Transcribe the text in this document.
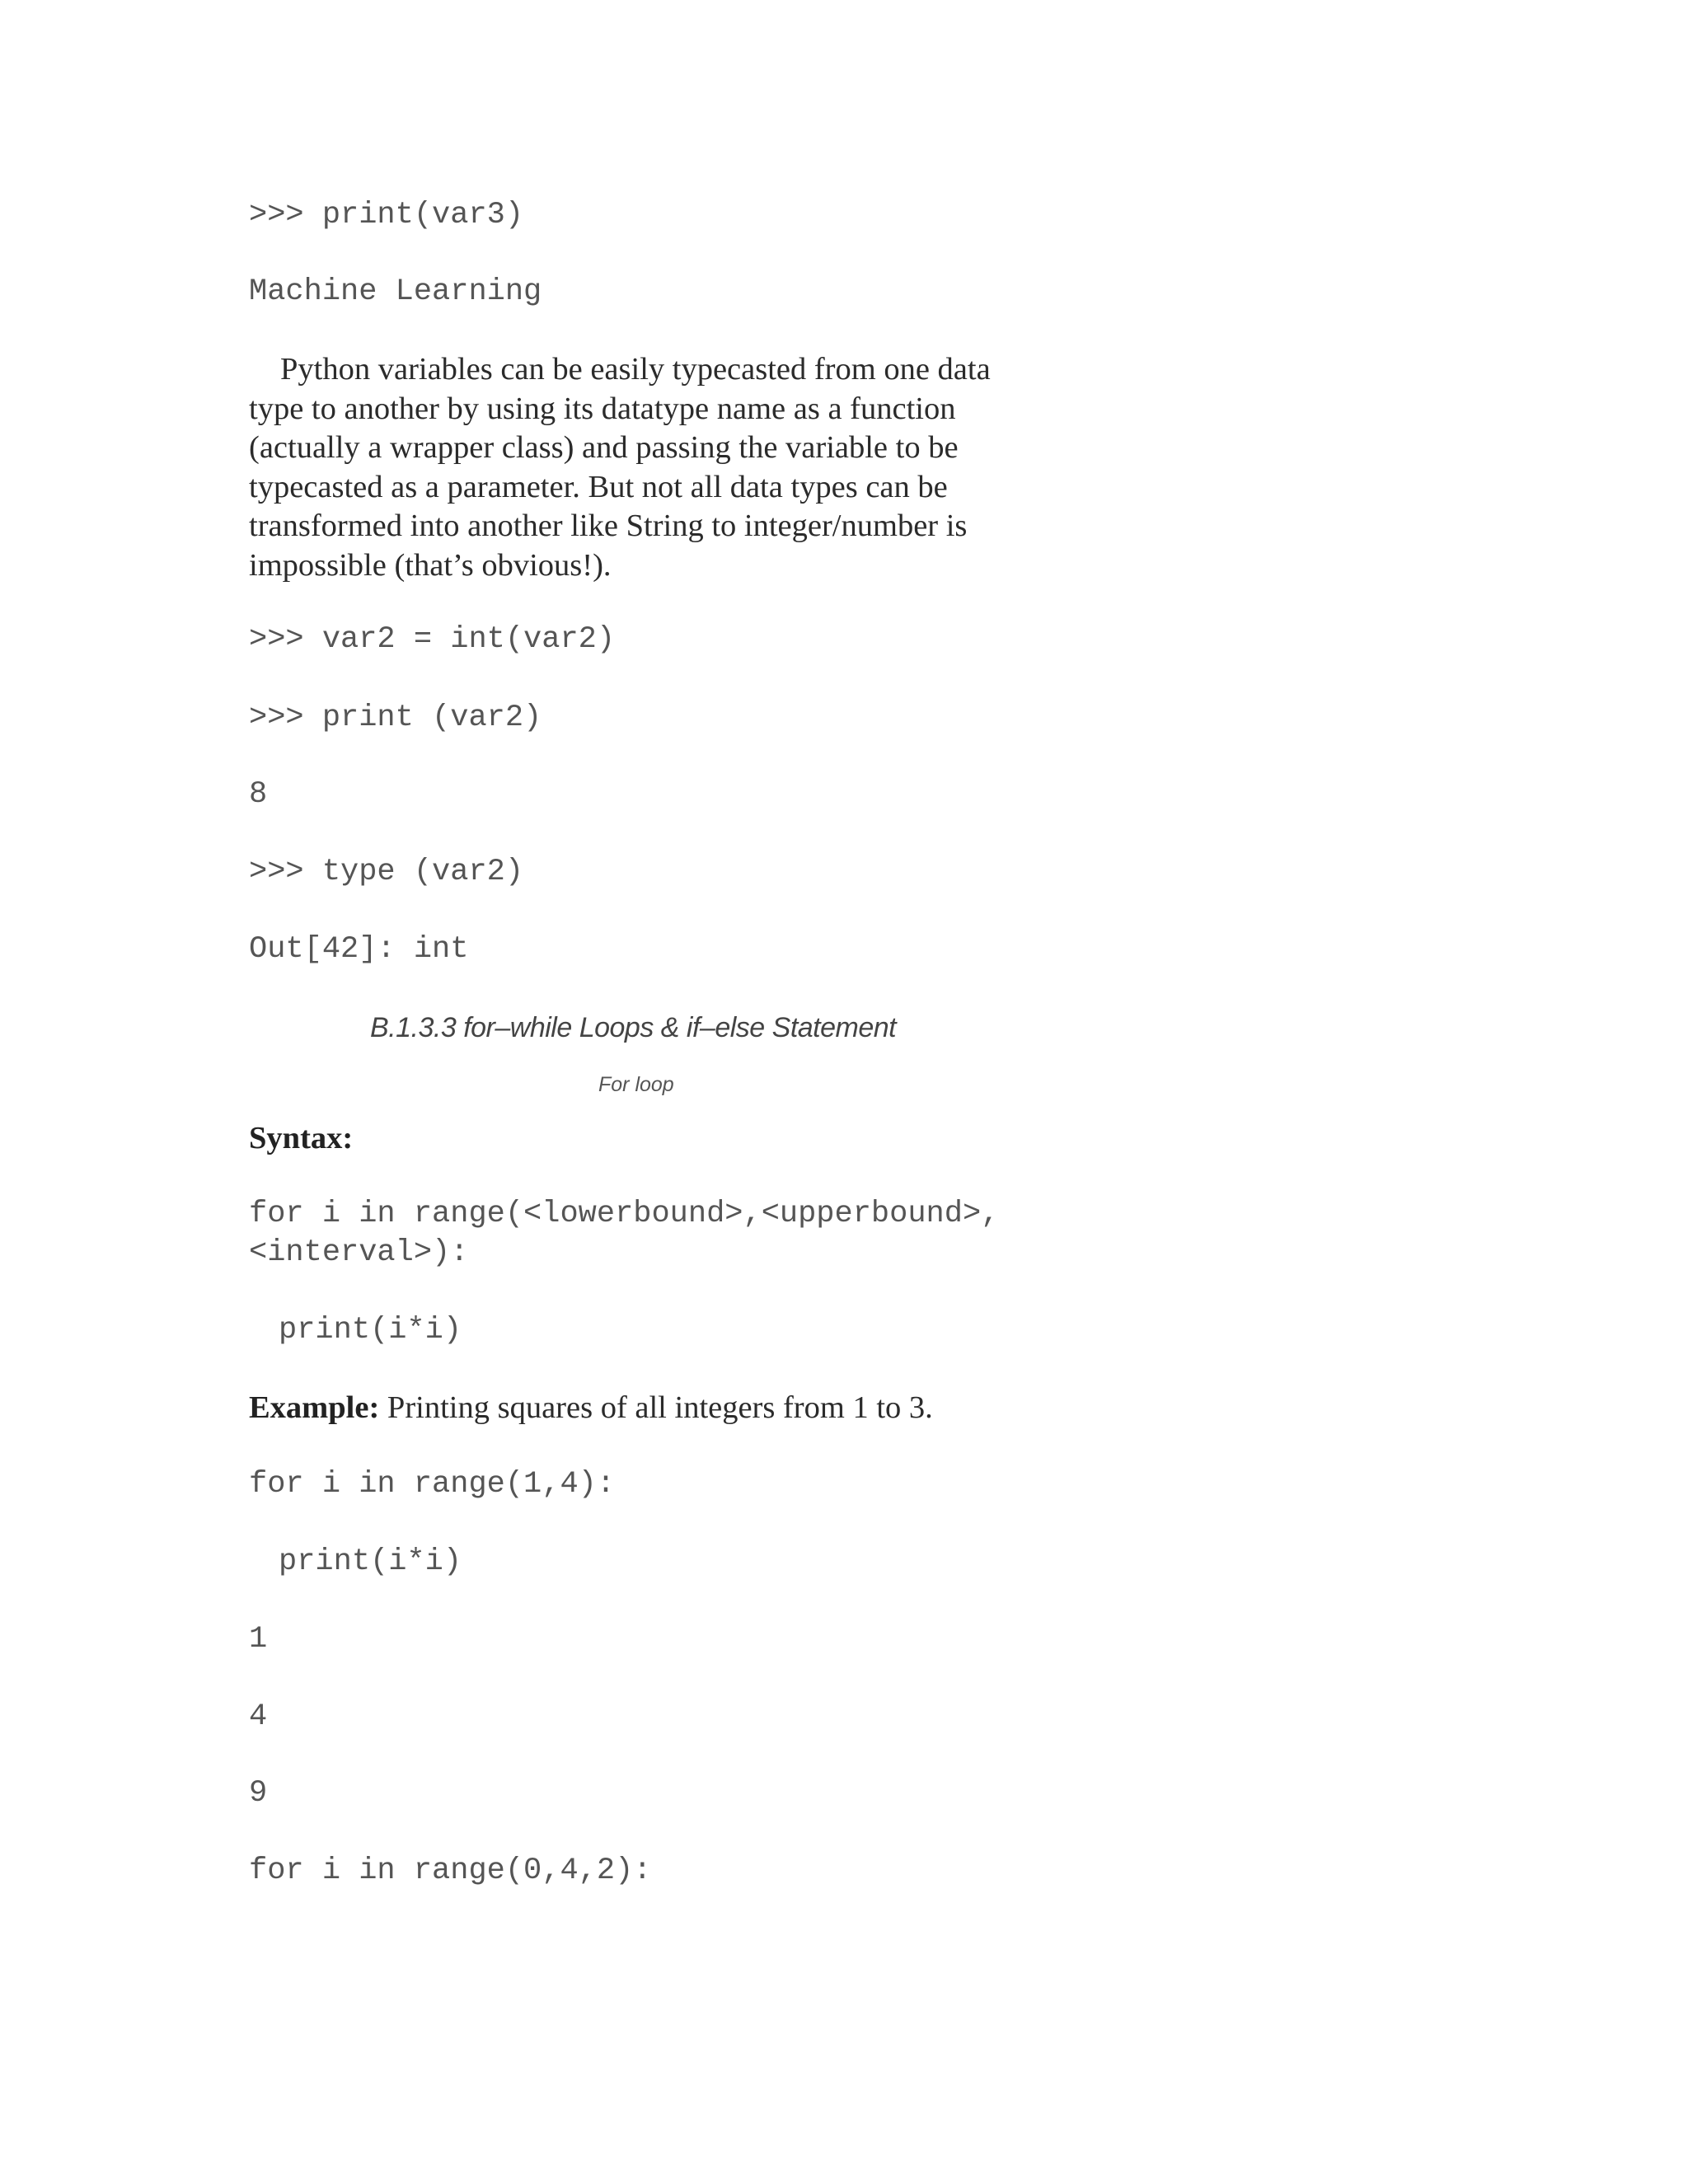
>>> print(var3)
Machine Learning

Python variables can be easily typecasted from one data type to another by using its datatype name as a function (actually a wrapper class) and passing the variable to be typecasted as a parameter. But not all data types can be transformed into another like String to integer/number is impossible (that’s obvious!).

>>> var2 = int(var2)
>>> print (var2)
8
>>> type (var2)
Out[42]: int

B.1.3.3 for–while Loops & if–else Statement

For loop

Syntax:

for i in range(<lowerbound>,<upperbound>,
<interval>):
print(i*i)

Example: Printing squares of all integers from 1 to 3.

for i in range(1,4):
print(i*i)
1
4
9
for i in range(0,4,2):
